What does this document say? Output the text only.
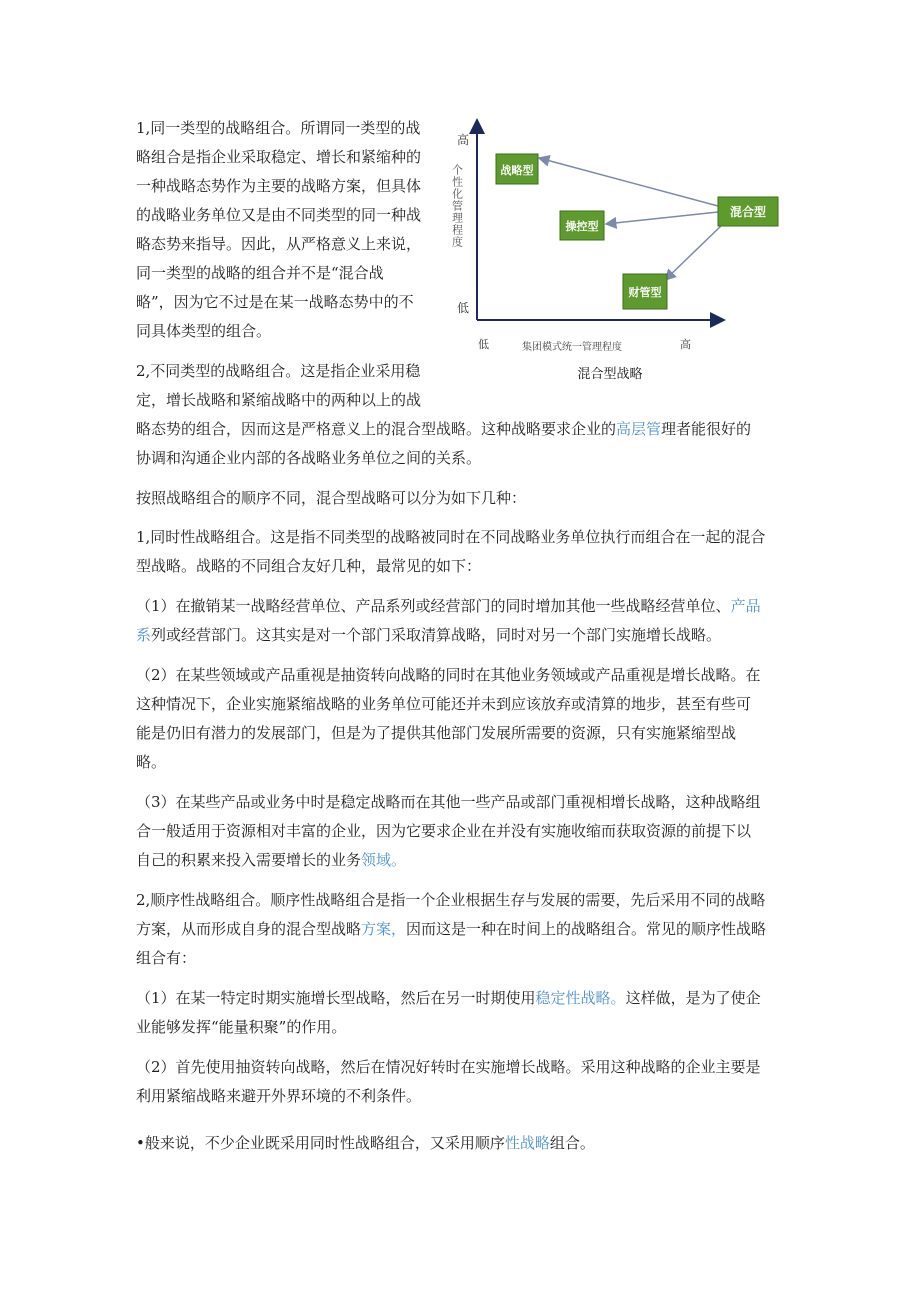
1,同一类型的战略组合。所谓同一类型的战

略组合是指企业采取稳定、增长和紧缩种的

一种战略态势作为主要的战略方案，但具体

的战略业务单位又是由不同类型的同一种战

略态势来指导。因此，从严格意义上来说，

同一类型的战略的组合并不是“混合战

略”，因为它不过是在某一战略态势中的不

同具体类型的组合。

2,不同类型的战略组合。这是指企业采用稳

定，增长战略和紧缩战略中的两种以上的战

略态势的组合，因而这是严格意义上的混合型战略。这种战略要求企业的高层管理者能很好的

协调和沟通企业内部的各战略业务单位之间的关系。

按照战略组合的顺序不同，混合型战略可以分为如下几种：

1,同时性战略组合。这是指不同类型的战略被同时在不同战略业务单位执行而组合在一起的混合

型战略。战略的不同组合友好几种，最常见的如下：

（1）在撤销某一战略经营单位、产品系列或经营部门的同时增加其他一些战略经营单位、产品

系列或经营部门。这其实是对一个部门采取清算战略，同时对另一个部门实施增长战略。

（2）在某些领域或产品重视是抽资转向战略的同时在其他业务领域或产品重视是增长战略。在

这种情况下，企业实施紧缩战略的业务单位可能还并未到应该放弃或清算的地步，甚至有些可

能是仍旧有潜力的发展部门，但是为了提供其他部门发展所需要的资源，只有实施紧缩型战

略。

（3）在某些产品或业务中时是稳定战略而在其他一些产品或部门重视相增长战略，这种战略组

合一般适用于资源相对丰富的企业，因为它要求企业在并没有实施收缩而获取资源的前提下以

自己的积累来投入需要增长的业务领域。

2,顺序性战略组合。顺序性战略组合是指一个企业根据生存与发展的需要，先后采用不同的战略

方案，从而形成自身的混合型战略方案，因而这是一种在时间上的战略组合。常见的顺序性战略

组合有：

（1）在某一特定时期实施增长型战略，然后在另一时期使用稳定性战略。这样做，是为了使企

业能够发挥“能量积聚”的作用。

（2）首先使用抽资转向战略，然后在情况好转时在实施增长战略。采用这种战略的企业主要是

利用紧缩战略来避开外界环境的不利条件。

•般来说，不少企业既采用同时性战略组合，又采用顺序性战略组合。

高
低
个性化管理程度
低	高
集团模式统一管理程度
战略型
操控型
财管型
混合型
混合型战略
